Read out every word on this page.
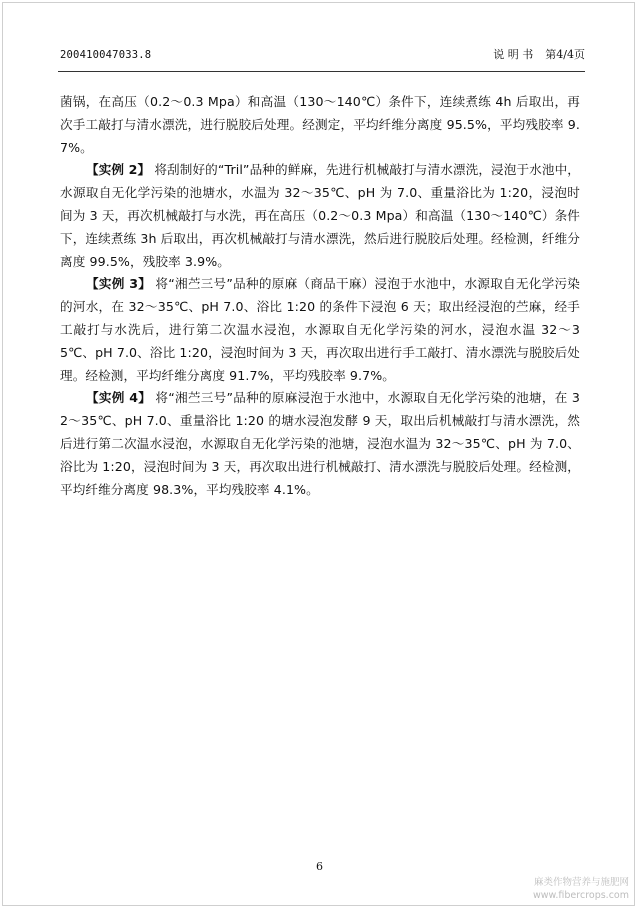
200410047033.8	说 明 书 第4/4页

菌锅，在高压（0.2～0.3 Mpa）和高温（130～140℃）条件下，连续煮练 4h 后取出，再次手工敲打与清水漂洗，进行脱胶后处理。经测定，平均纤维分离度 95.5%，平均残胶率 9.7%。

【实例 2】 将刮制好的“Tril”品种的鲜麻，先进行机械敲打与清水漂洗，浸泡于水池中，水源取自无化学污染的池塘水，水温为 32～35℃、pH 为 7.0、重量浴比为 1:20，浸泡时间为 3 天，再次机械敲打与水洗，再在高压（0.2～0.3 Mpa）和高温（130～140℃）条件下，连续煮练 3h 后取出，再次机械敲打与清水漂洗，然后进行脱胶后处理。经检测，纤维分离度 99.5%，残胶率 3.9%。

【实例 3】 将“湘苎三号”品种的原麻（商品干麻）浸泡于水池中，水源取自无化学污染的河水，在 32～35℃、pH 7.0、浴比 1:20 的条件下浸泡 6 天；取出经浸泡的苎麻，经手工敲打与水洗后，进行第二次温水浸泡，水源取自无化学污染的河水，浸泡水温 32～35℃、pH 7.0、浴比 1:20，浸泡时间为 3 天，再次取出进行手工敲打、清水漂洗与脱胶后处理。经检测，平均纤维分离度 91.7%，平均残胶率 9.7%。

【实例 4】 将“湘苎三号”品种的原麻浸泡于水池中，水源取自无化学污染的池塘，在 32～35℃、pH 7.0、重量浴比 1:20 的塘水浸泡发酵 9 天，取出后机械敲打与清水漂洗，然后进行第二次温水浸泡，水源取自无化学污染的池塘，浸泡水温为 32～35℃、pH 为 7.0、浴比为 1:20，浸泡时间为 3 天，再次取出进行机械敲打、清水漂洗与脱胶后处理。经检测，平均纤维分离度 98.3%，平均残胶率 4.1%。

6
麻类作物营养与施肥网
www.fibercrops.com
